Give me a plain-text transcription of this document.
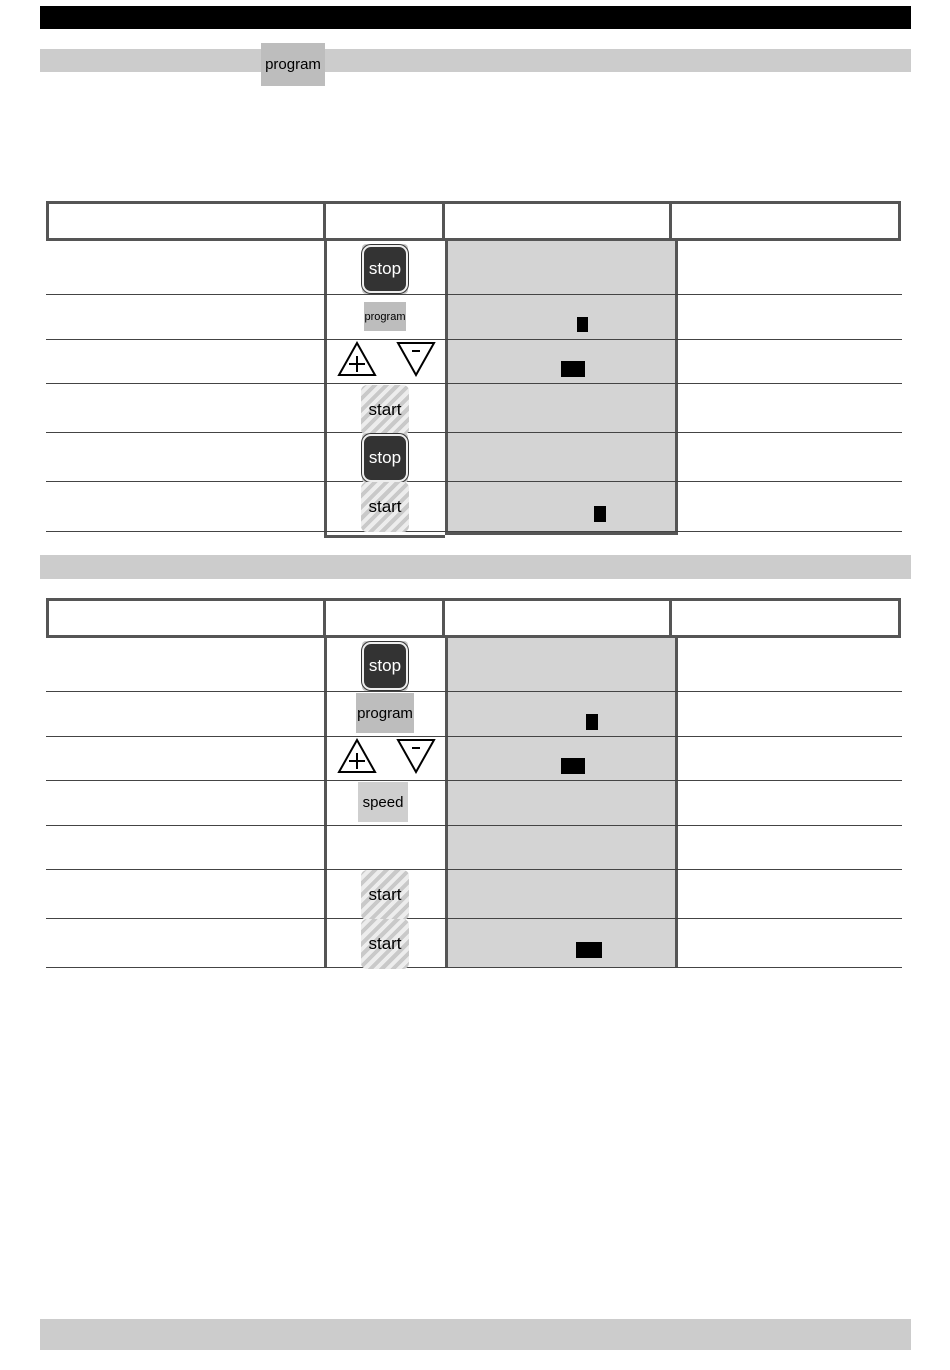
program
stop
program
start
stop
start
stop
program
speed
start
start
